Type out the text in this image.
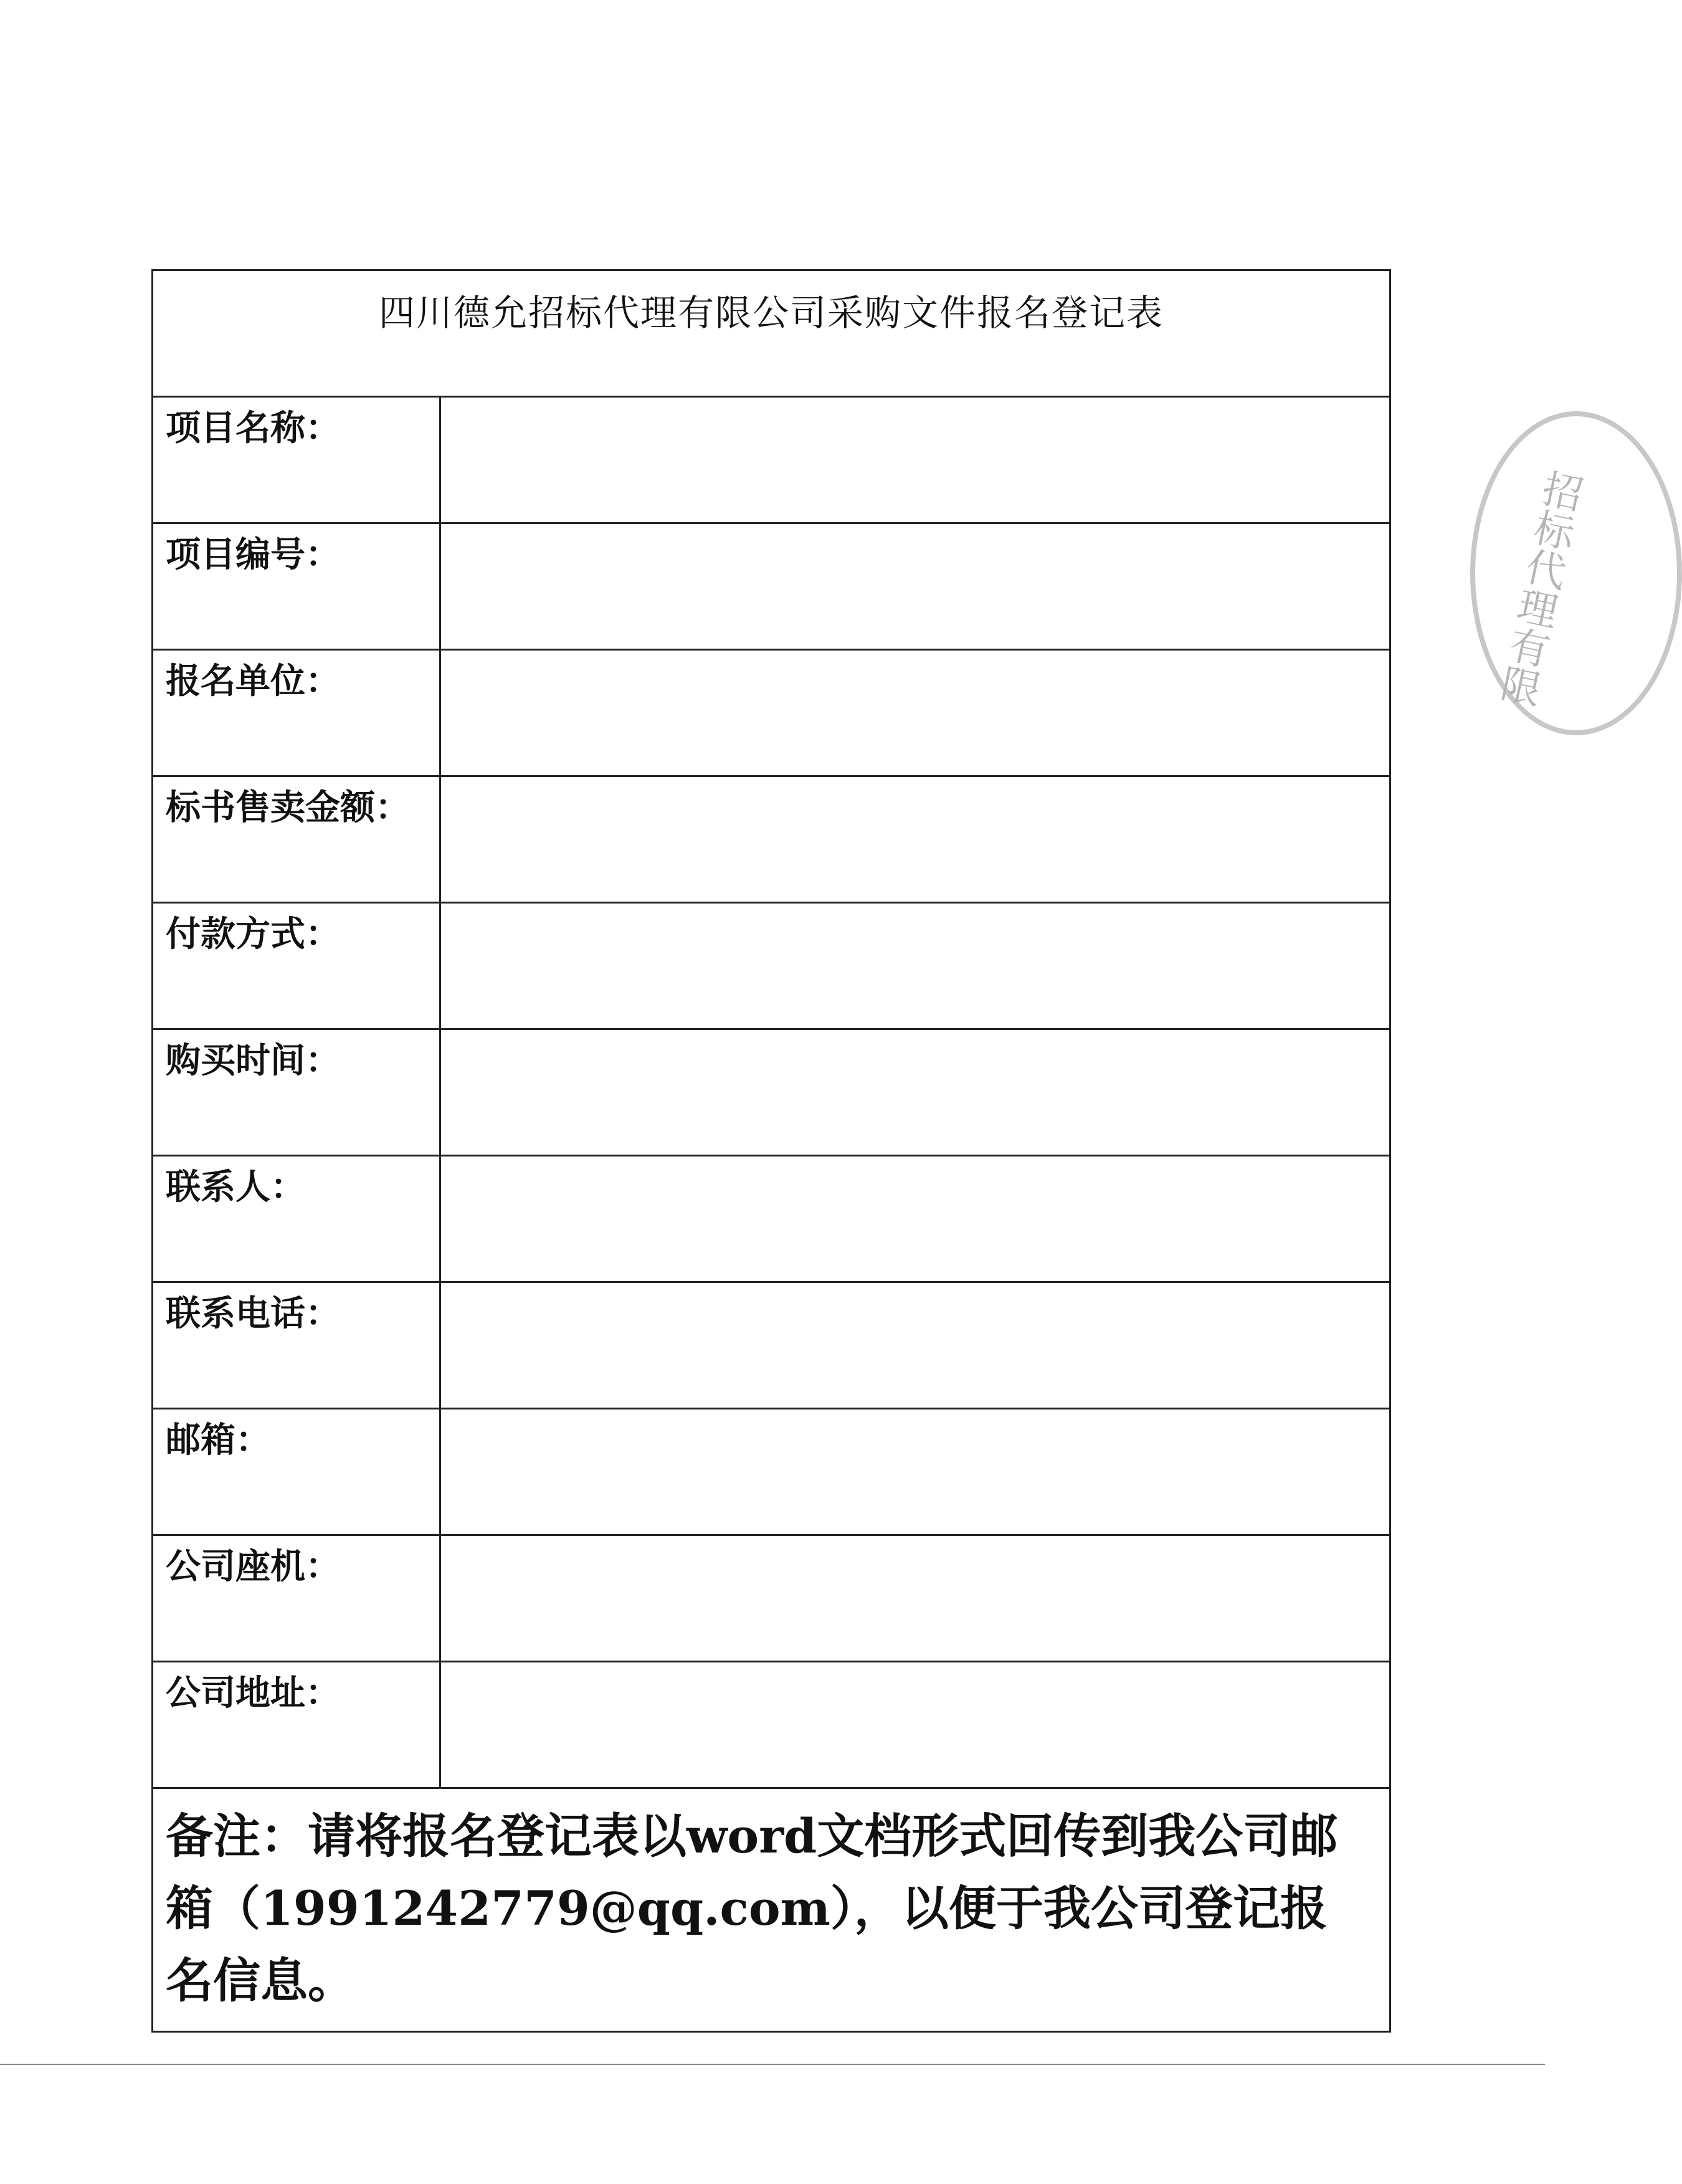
四川德允招标代理有限公司采购文件报名登记表
项目名称：
项目编号：
报名单位：
标书售卖金额：
付款方式：
购买时间：
联系人：
联系电话：
邮箱：
公司座机：
公司地址：
备注：请将报名登记表以word文档形式回传到我公司邮箱（1991242779@qq.com），以便于我公司登记报名信息。
招标代理有限
